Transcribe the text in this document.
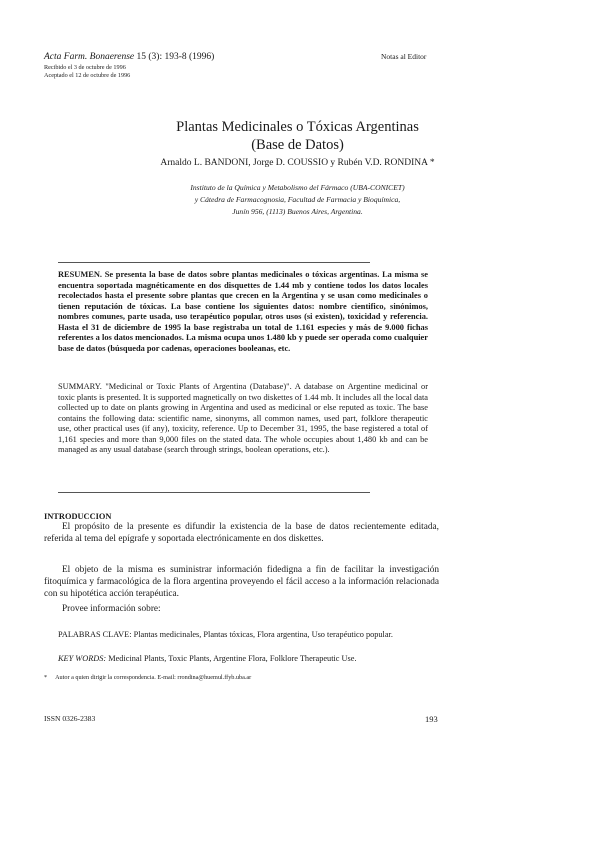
Acta Farm. Bonaerense 15 (3): 193-8 (1996)
Recibido el 3 de octubre de 1996
Aceptado el 12 de octubre de 1996
Notas al Editor
Plantas Medicinales o Tóxicas Argentinas
(Base de Datos)
Arnaldo L. BANDONI, Jorge D. COUSSIO y Rubén V.D. RONDINA *
Instituto de la Química y Metabolismo del Fármaco (UBA-CONICET)
y Cátedra de Farmacognosia, Facultad de Farmacia y Bioquímica,
Junín 956, (1113) Buenos Aires, Argentina.
RESUMEN. Se presenta la base de datos sobre plantas medicinales o tóxicas argentinas. La misma se encuentra soportada magnéticamente en dos disquettes de 1.44 mb y contiene todos los datos locales recolectados hasta el presente sobre plantas que crecen en la Argentina y se usan como medicinales o tienen reputación de tóxicas. La base contiene los siguientes datos: nombre cientifico, sinónimos, nombres comunes, parte usada, uso terapéutico popular, otros usos (si existen), toxicidad y referencia. Hasta el 31 de diciembre de 1995 la base registraba un total de 1.161 especies y más de 9.000 fichas referentes a los datos mencionados. La misma ocupa unos 1.480 kb y puede ser operada como cualquier base de datos (búsqueda por cadenas, operaciones booleanas, etc.
SUMMARY. "Medicinal or Toxic Plants of Argentina (Database)". A database on Argentine medicinal or toxic plants is presented. It is supported magnetically on two diskettes of 1.44 mb. It includes all the local data collected up to date on plants growing in Argentina and used as medicinal or else reputed as toxic. The base contains the following data: scientific name, sinonyms, all common names, used part, folklore therapeutic use, other practical uses (if any), toxicity, reference. Up to December 31, 1995, the base registered a total of 1,161 species and more than 9,000 files on the stated data. The whole occupies about 1,480 kb and can be managed as any usual database (search through strings, boolean operations, etc.).
INTRODUCCION
El propósito de la presente es difundir la existencia de la base de datos recientemente editada, referida al tema del epígrafe y soportada electrónicamente en dos diskettes.
El objeto de la misma es suministrar información fidedigna a fin de facilitar la investigación fitoquímica y farmacológica de la flora argentina proveyendo el fácil acceso a la información relacionada con su hipotética acción terapéutica.
Provee información sobre:
PALABRAS CLAVE: Plantas medicinales, Plantas tóxicas, Flora argentina, Uso terapéutico popular.
KEY WORDS: Medicinal Plants, Toxic Plants, Argentine Flora, Folklore Therapeutic Use.
* Autor a quien dirigir la correspondencia. E-mail: rrondina@huemul.ffyb.uba.ar
ISSN 0326-2383	193
